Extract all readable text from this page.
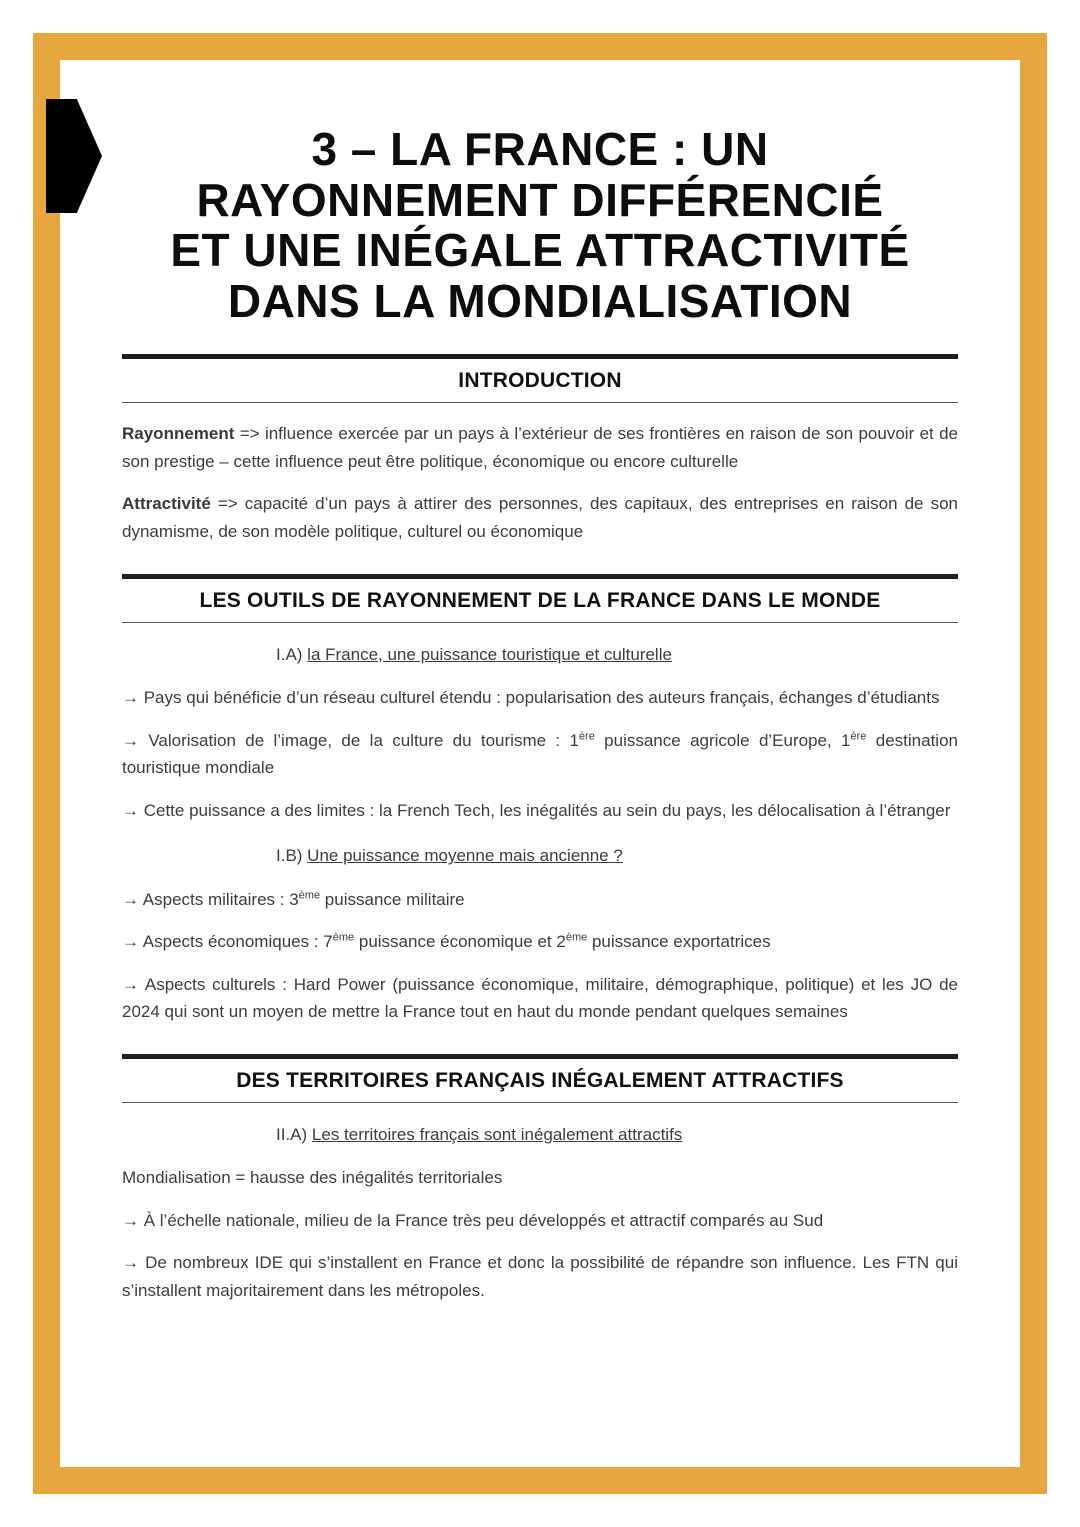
3 – LA FRANCE : UN
RAYONNEMENT DIFFÉRENCIÉ
ET UNE INÉGALE ATTRACTIVITÉ
DANS LA MONDIALISATION
INTRODUCTION

Rayonnement => influence exercée par un pays à l’extérieur de ses frontières en raison de son pouvoir et de son prestige – cette influence peut être politique, économique ou encore culturelle

Attractivité => capacité d’un pays à attirer des personnes, des capitaux, des entreprises en raison de son dynamisme, de son modèle politique, culturel ou économique

LES OUTILS DE RAYONNEMENT DE LA FRANCE DANS LE MONDE

I.A) la France, une puissance touristique et culturelle

→ Pays qui bénéficie d’un réseau culturel étendu : popularisation des auteurs français, échanges d’étudiants

→ Valorisation de l’image, de la culture du tourisme : 1ère puissance agricole d’Europe, 1ère destination touristique mondiale

→ Cette puissance a des limites : la French Tech, les inégalités au sein du pays, les délocalisation à l’étranger

I.B) Une puissance moyenne mais ancienne ?

→ Aspects militaires : 3ème puissance militaire

→ Aspects économiques : 7ème puissance économique et 2ème puissance exportatrices

→ Aspects culturels : Hard Power (puissance économique, militaire, démographique, politique) et les JO de 2024 qui sont un moyen de mettre la France tout en haut du monde pendant quelques semaines

DES TERRITOIRES FRANÇAIS INÉGALEMENT ATTRACTIFS

II.A) Les territoires français sont inégalement attractifs

Mondialisation = hausse des inégalités territoriales

→ À l’échelle nationale, milieu de la France très peu développés et attractif comparés au Sud

→ De nombreux IDE qui s’installent en France et donc la possibilité de répandre son influence. Les FTN qui s’installent majoritairement dans les métropoles.
